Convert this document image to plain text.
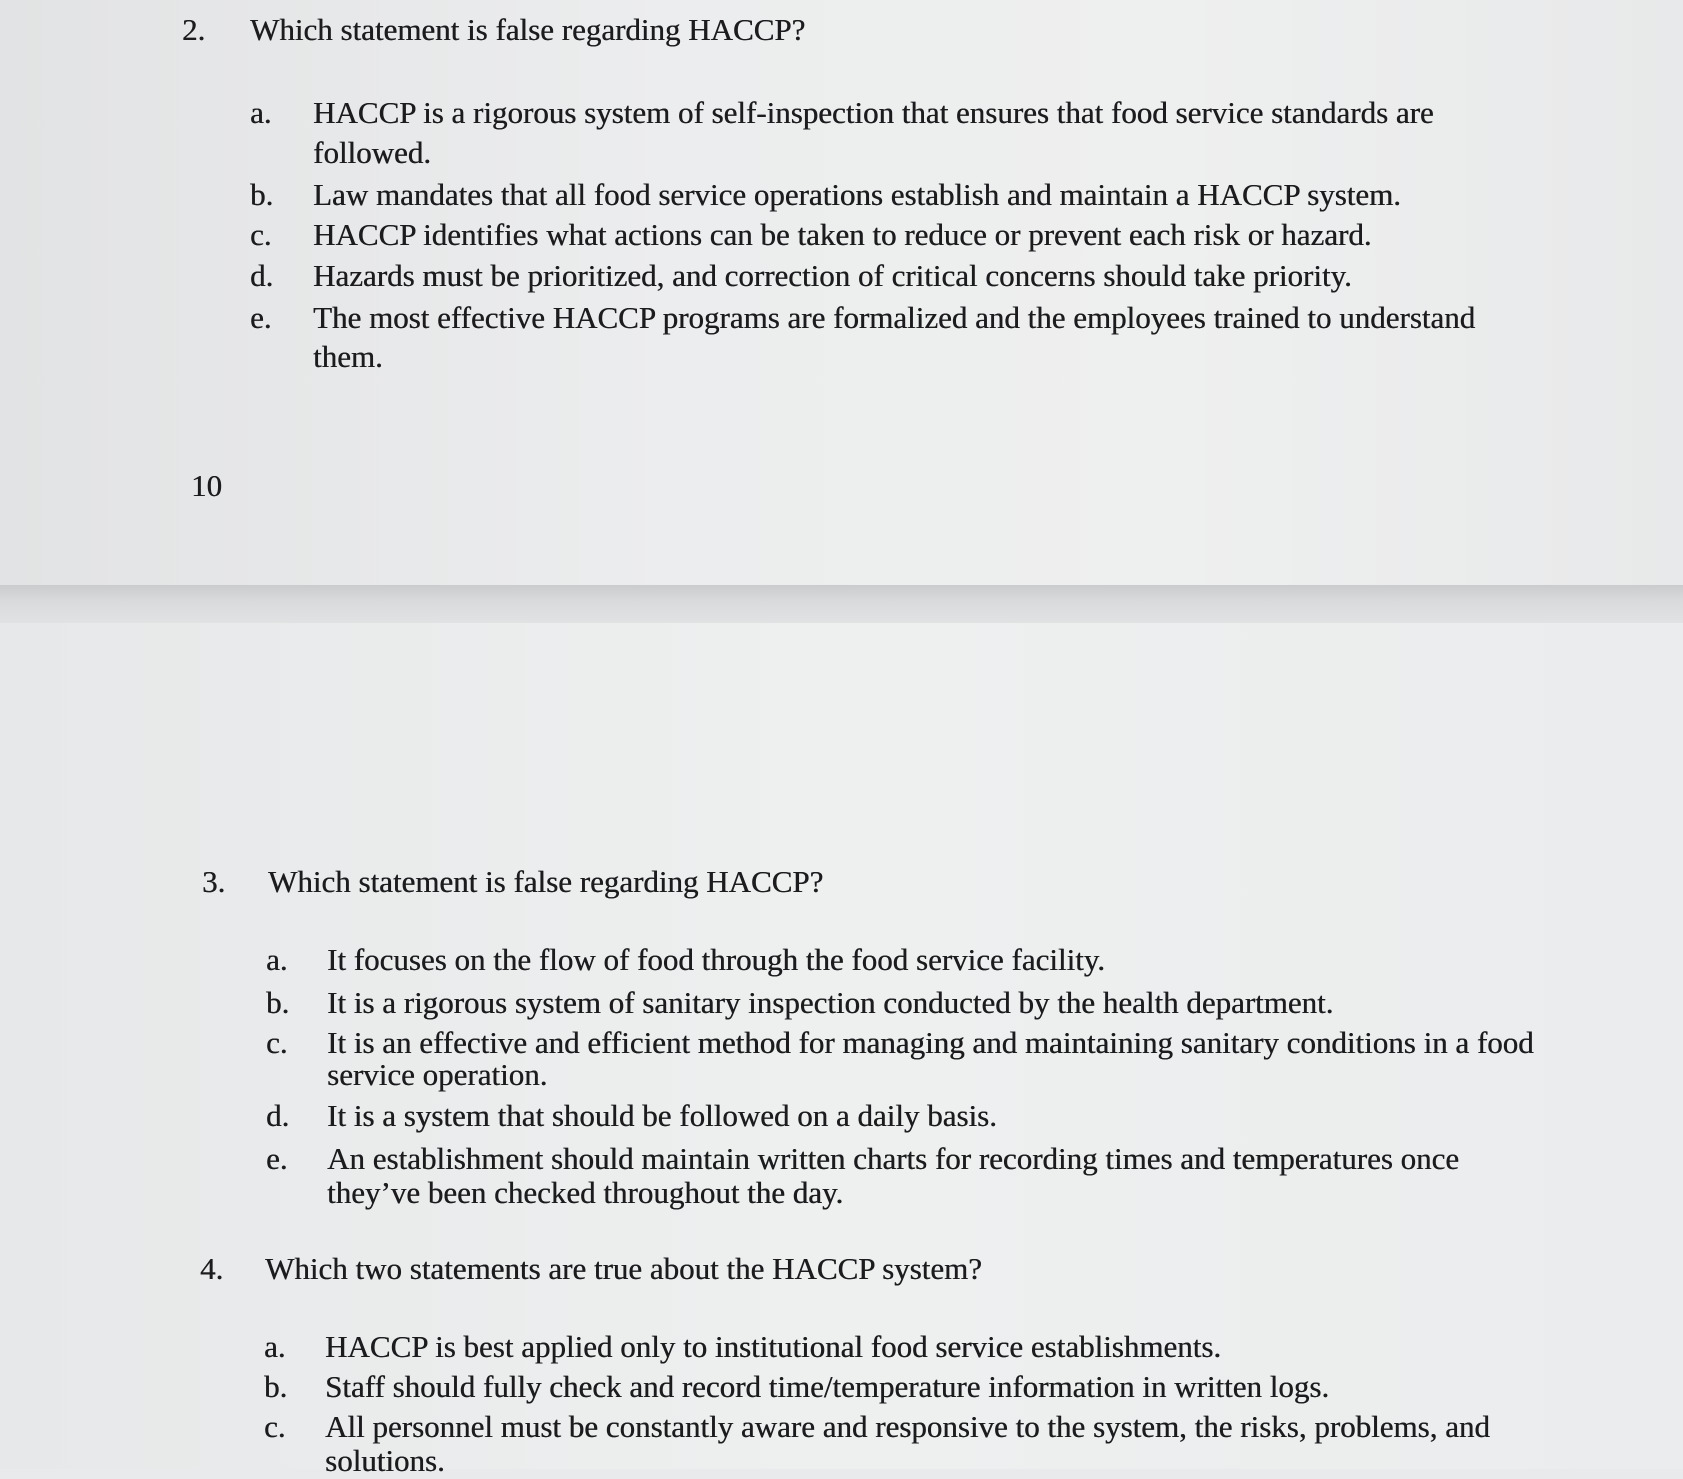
2. Which statement is false regarding HACCP?
a. HACCP is a rigorous system of self-inspection that ensures that food service standards are
followed.
b. Law mandates that all food service operations establish and maintain a HACCP system.
c. HACCP identifies what actions can be taken to reduce or prevent each risk or hazard.
d. Hazards must be prioritized, and correction of critical concerns should take priority.
e. The most effective HACCP programs are formalized and the employees trained to understand
them.
3. Which statement is false regarding HACCP?
a. It focuses on the flow of food through the food service facility.
b. It is a rigorous system of sanitary inspection conducted by the health department.
c. It is an effective and efficient method for managing and maintaining sanitary conditions in a food
service operation.
d. It is a system that should be followed on a daily basis.
e. An establishment should maintain written charts for recording times and temperatures once
they’ve been checked throughout the day.
4. Which two statements are true about the HACCP system?
a. HACCP is best applied only to institutional food service establishments.
b. Staff should fully check and record time/temperature information in written logs.
c. All personnel must be constantly aware and responsive to the system, the risks, problems, and
solutions.
10
